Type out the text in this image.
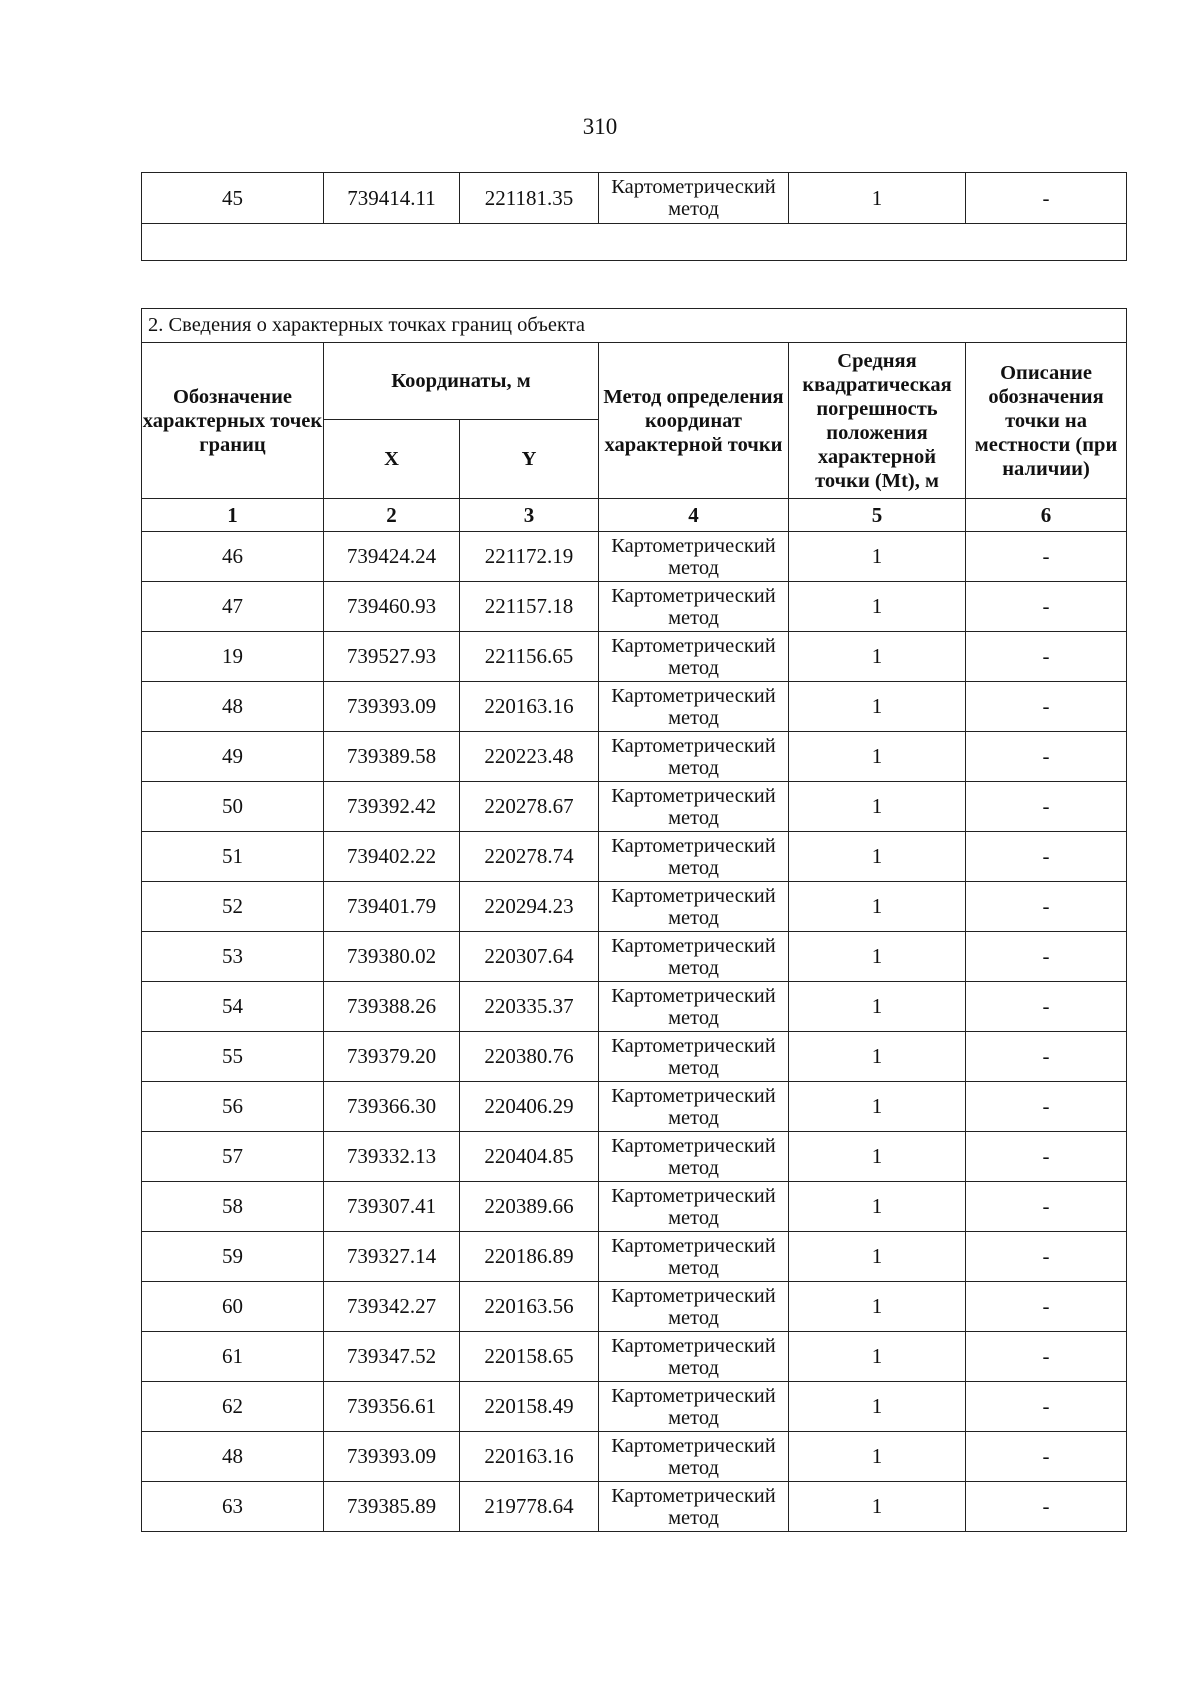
310
45	739414.11	221181.35	Картометрический метод	1	-

2. Сведения о характерных точках границ объекта					
Обозначение характерных точек границ	Координаты, м		Метод определения координат характерной точки	Средняя квадратическая погрешность положения характерной точки (Mt), м	Описание обозначения точки на местности (при наличии)
	X	Y			
1	2	3	4	5	6
46	739424.24	221172.19	Картометрический метод	1	-
47	739460.93	221157.18	Картометрический метод	1	-
19	739527.93	221156.65	Картометрический метод	1	-
48	739393.09	220163.16	Картометрический метод	1	-
49	739389.58	220223.48	Картометрический метод	1	-
50	739392.42	220278.67	Картометрический метод	1	-
51	739402.22	220278.74	Картометрический метод	1	-
52	739401.79	220294.23	Картометрический метод	1	-
53	739380.02	220307.64	Картометрический метод	1	-
54	739388.26	220335.37	Картометрический метод	1	-
55	739379.20	220380.76	Картометрический метод	1	-
56	739366.30	220406.29	Картометрический метод	1	-
57	739332.13	220404.85	Картометрический метод	1	-
58	739307.41	220389.66	Картометрический метод	1	-
59	739327.14	220186.89	Картометрический метод	1	-
60	739342.27	220163.56	Картометрический метод	1	-
61	739347.52	220158.65	Картометрический метод	1	-
62	739356.61	220158.49	Картометрический метод	1	-
48	739393.09	220163.16	Картометрический метод	1	-
63	739385.89	219778.64	Картометрический метод	1	-
